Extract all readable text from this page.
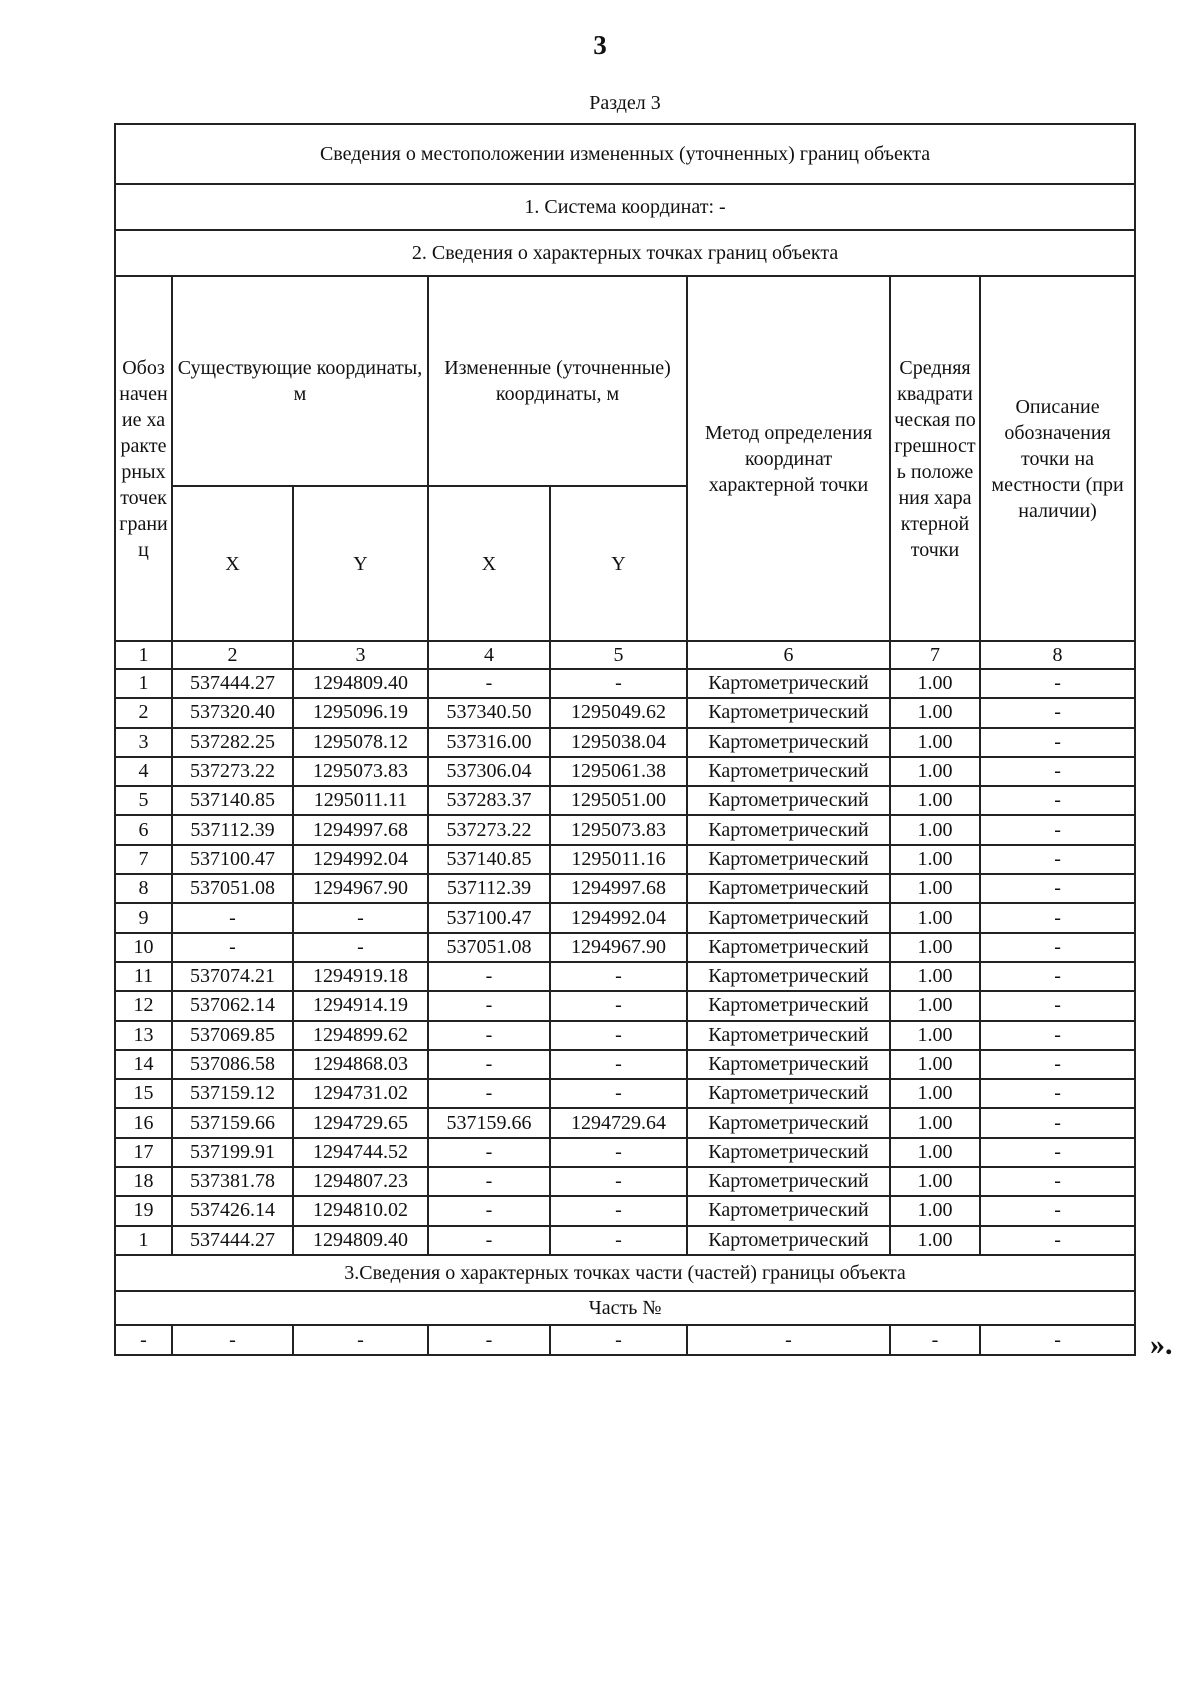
3
Раздел 3
Сведения о местоположении измененных (уточненных) границ объекта							
1. Система координат: -							
2. Сведения о характерных точках границ объекта							
Обозначение характерных точек границ	Существующие координаты, м		Измененные (уточненные) координаты, м		Метод определения координат характерной точки	Средняя квадратическая погрешность положения характерной точки	Описание обозначения точки на местности (при наличии)
	X	Y	X	Y			
1	2	3	4	5	6	7	8
1	537444.27	1294809.40	-	-	Картометрический	1.00	-
2	537320.40	1295096.19	537340.50	1295049.62	Картометрический	1.00	-
3	537282.25	1295078.12	537316.00	1295038.04	Картометрический	1.00	-
4	537273.22	1295073.83	537306.04	1295061.38	Картометрический	1.00	-
5	537140.85	1295011.11	537283.37	1295051.00	Картометрический	1.00	-
6	537112.39	1294997.68	537273.22	1295073.83	Картометрический	1.00	-
7	537100.47	1294992.04	537140.85	1295011.16	Картометрический	1.00	-
8	537051.08	1294967.90	537112.39	1294997.68	Картометрический	1.00	-
9	-	-	537100.47	1294992.04	Картометрический	1.00	-
10	-	-	537051.08	1294967.90	Картометрический	1.00	-
11	537074.21	1294919.18	-	-	Картометрический	1.00	-
12	537062.14	1294914.19	-	-	Картометрический	1.00	-
13	537069.85	1294899.62	-	-	Картометрический	1.00	-
14	537086.58	1294868.03	-	-	Картометрический	1.00	-
15	537159.12	1294731.02	-	-	Картометрический	1.00	-
16	537159.66	1294729.65	537159.66	1294729.64	Картометрический	1.00	-
17	537199.91	1294744.52	-	-	Картометрический	1.00	-
18	537381.78	1294807.23	-	-	Картометрический	1.00	-
19	537426.14	1294810.02	-	-	Картометрический	1.00	-
1	537444.27	1294809.40	-	-	Картометрический	1.00	-
3.Сведения о характерных точках части (частей) границы объекта							
Часть №							
-	-	-	-	-	-	-	-	».
